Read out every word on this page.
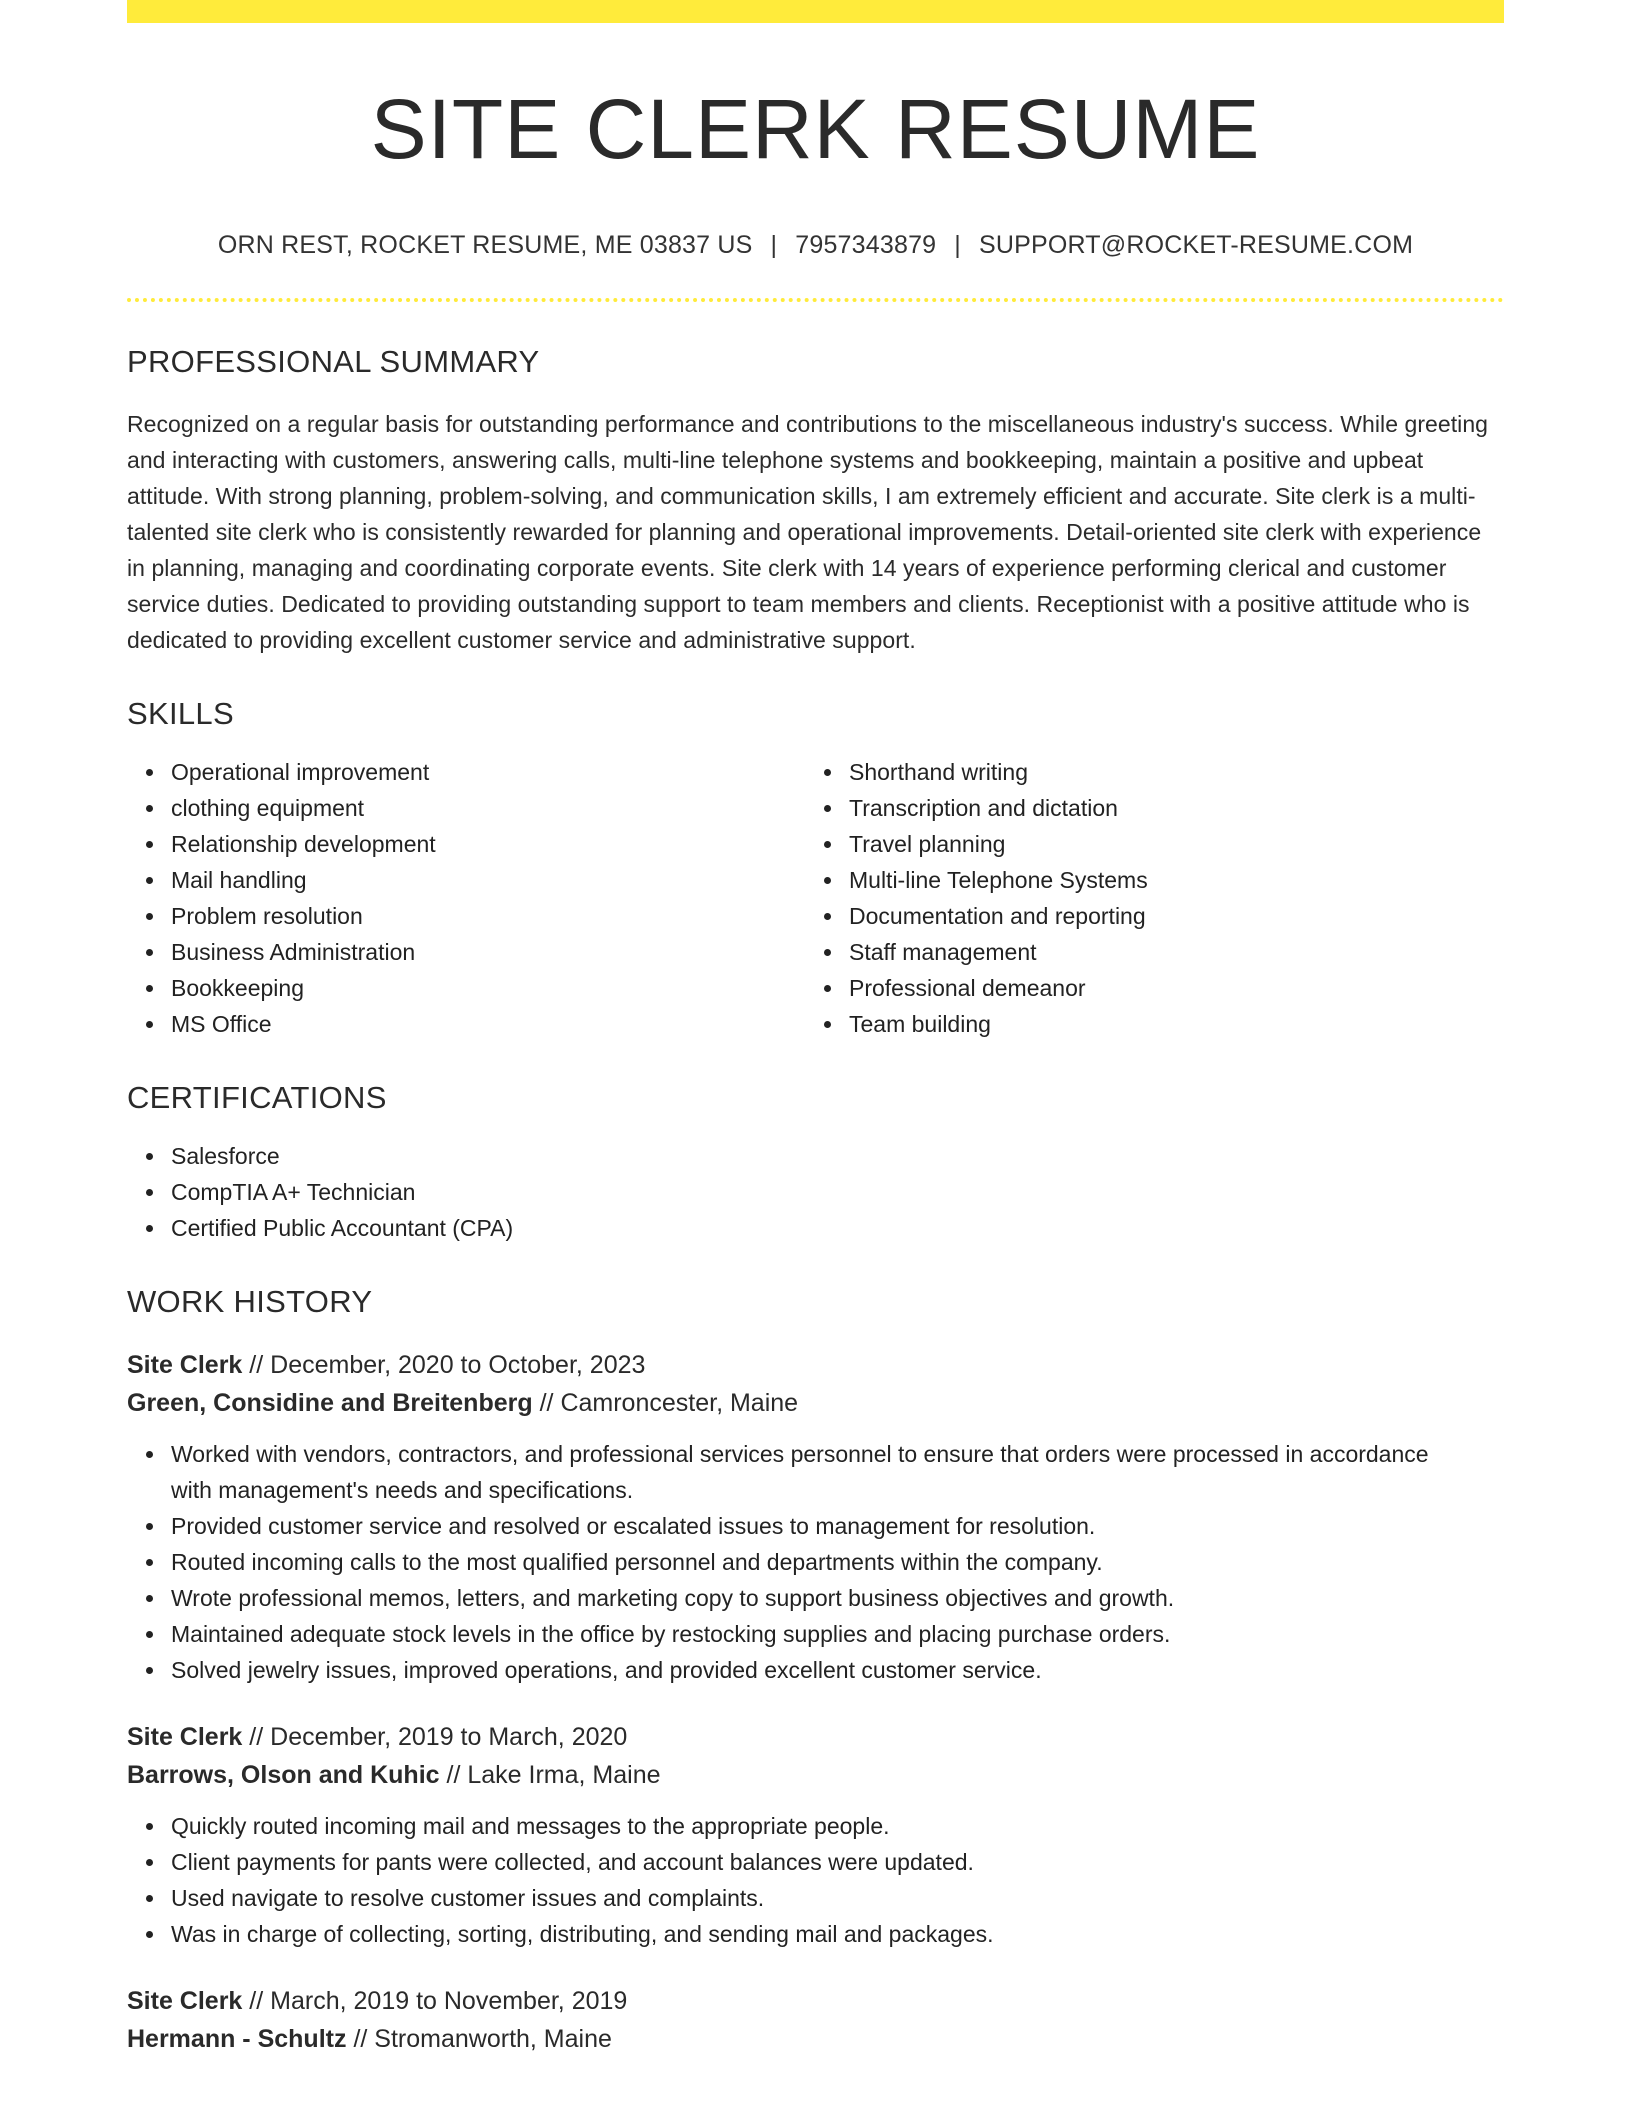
SITE CLERK RESUME
ORN REST, ROCKET RESUME, ME 03837 US | 7957343879 | SUPPORT@ROCKET-RESUME.COM
PROFESSIONAL SUMMARY

Recognized on a regular basis for outstanding performance and contributions to the miscellaneous industry's success. While greeting and interacting with customers, answering calls, multi-line telephone systems and bookkeeping, maintain a positive and upbeat attitude. With strong planning, problem-solving, and communication skills, I am extremely efficient and accurate. Site clerk is a multi-talented site clerk who is consistently rewarded for planning and operational improvements. Detail-oriented site clerk with experience in planning, managing and coordinating corporate events. Site clerk with 14 years of experience performing clerical and customer service duties. Dedicated to providing outstanding support to team members and clients. Receptionist with a positive attitude who is dedicated to providing excellent customer service and administrative support.

SKILLS
Operational improvement
clothing equipment
Relationship development
Mail handling
Problem resolution
Business Administration
Bookkeeping
MS Office
Shorthand writing
Transcription and dictation
Travel planning
Multi-line Telephone Systems
Documentation and reporting
Staff management
Professional demeanor
Team building
CERTIFICATIONS
Salesforce
CompTIA A+ Technician
Certified Public Accountant (CPA)
WORK HISTORY
Site Clerk // December, 2020 to October, 2023
Green, Considine and Breitenberg // Camroncester, Maine
Worked with vendors, contractors, and professional services personnel to ensure that orders were processed in accordance with management's needs and specifications.
Provided customer service and resolved or escalated issues to management for resolution.
Routed incoming calls to the most qualified personnel and departments within the company.
Wrote professional memos, letters, and marketing copy to support business objectives and growth.
Maintained adequate stock levels in the office by restocking supplies and placing purchase orders.
Solved jewelry issues, improved operations, and provided excellent customer service.
Site Clerk // December, 2019 to March, 2020
Barrows, Olson and Kuhic // Lake Irma, Maine
Quickly routed incoming mail and messages to the appropriate people.
Client payments for pants were collected, and account balances were updated.
Used navigate to resolve customer issues and complaints.
Was in charge of collecting, sorting, distributing, and sending mail and packages.
Site Clerk // March, 2019 to November, 2019
Hermann - Schultz // Stromanworth, Maine
